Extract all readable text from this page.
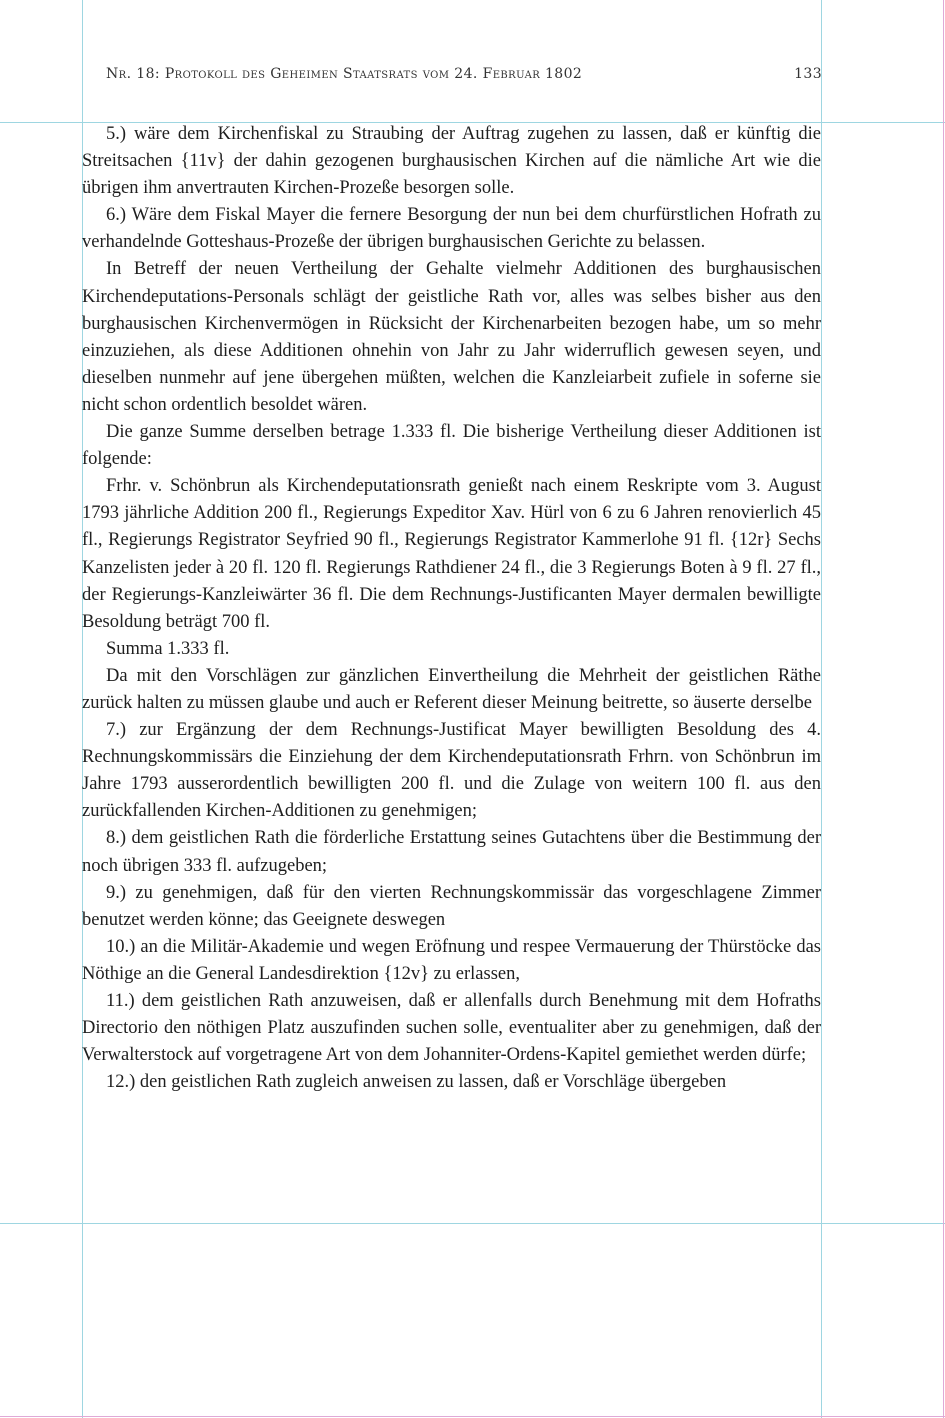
Nr. 18: Protokoll des Geheimen Staatsrats vom 24. Februar 1802	133

5.) wäre dem Kirchenfiskal zu Straubing der Auftrag zugehen zu lassen, daß er künftig die Streitsachen {11v} der dahin gezogenen burghausischen Kirchen auf die nämliche Art wie die übrigen ihm anvertrauten Kirchen-Prozeße besorgen solle.

6.) Wäre dem Fiskal Mayer die fernere Besorgung der nun bei dem churfürstlichen Hofrath zu verhandelnde Gotteshaus-Prozeße der übrigen burghausischen Gerichte zu belassen.

In Betreff der neuen Vertheilung der Gehalte vielmehr Additionen des burghausischen Kirchendeputations-Personals schlägt der geistliche Rath vor, alles was selbes bisher aus den burghausischen Kirchenvermögen in Rücksicht der Kirchenarbeiten bezogen habe, um so mehr einzuziehen, als diese Additionen ohnehin von Jahr zu Jahr widerruflich gewesen seyen, und dieselben nunmehr auf jene übergehen müßten, welchen die Kanzleiarbeit zufiele in soferne sie nicht schon ordentlich besoldet wären.

Die ganze Summe derselben betrage 1.333 fl. Die bisherige Vertheilung dieser Additionen ist folgende:

Frhr. v. Schönbrun als Kirchendeputationsrath genießt nach einem Reskripte vom 3. August 1793 jährliche Addition 200 fl., Regierungs Expeditor Xav. Hürl von 6 zu 6 Jahren renovierlich 45 fl., Regierungs Registrator Seyfried 90 fl., Regierungs Registrator Kammerlohe 91 fl. {12r} Sechs Kanzelisten jeder à 20 fl. 120 fl. Regierungs Rathdiener 24 fl., die 3 Regierungs Boten à 9 fl. 27 fl., der Regierungs-Kanzleiwärter 36 fl. Die dem Rechnungs-Justificanten Mayer dermalen bewilligte Besoldung beträgt 700 fl.

Summa 1.333 fl.

Da mit den Vorschlägen zur gänzlichen Einvertheilung die Mehrheit der geistlichen Räthe zurück halten zu müssen glaube und auch er Referent dieser Meinung beitrette, so äuserte derselbe

7.) zur Ergänzung der dem Rechnungs-Justificat Mayer bewilligten Besoldung des 4. Rechnungskommissärs die Einziehung der dem Kirchendeputationsrath Frhrn. von Schönbrun im Jahre 1793 ausserordentlich bewilligten 200 fl. und die Zulage von weitern 100 fl. aus den zurückfallenden Kirchen-Additionen zu genehmigen;

8.) dem geistlichen Rath die förderliche Erstattung seines Gutachtens über die Bestimmung der noch übrigen 333 fl. aufzugeben;

9.) zu genehmigen, daß für den vierten Rechnungskommissär das vorgeschlagene Zimmer benutzet werden könne; das Geeignete deswegen

10.) an die Militär-Akademie und wegen Eröfnung und respee Vermauerung der Thürstöcke das Nöthige an die General Landesdirektion {12v} zu erlassen,

11.) dem geistlichen Rath anzuweisen, daß er allenfalls durch Benehmung mit dem Hofraths Directorio den nöthigen Platz auszufinden suchen solle, eventualiter aber zu genehmigen, daß der Verwalterstock auf vorgetragene Art von dem Johanniter-Ordens-Kapitel gemiethet werden dürfe;

12.) den geistlichen Rath zugleich anweisen zu lassen, daß er Vorschläge übergeben
